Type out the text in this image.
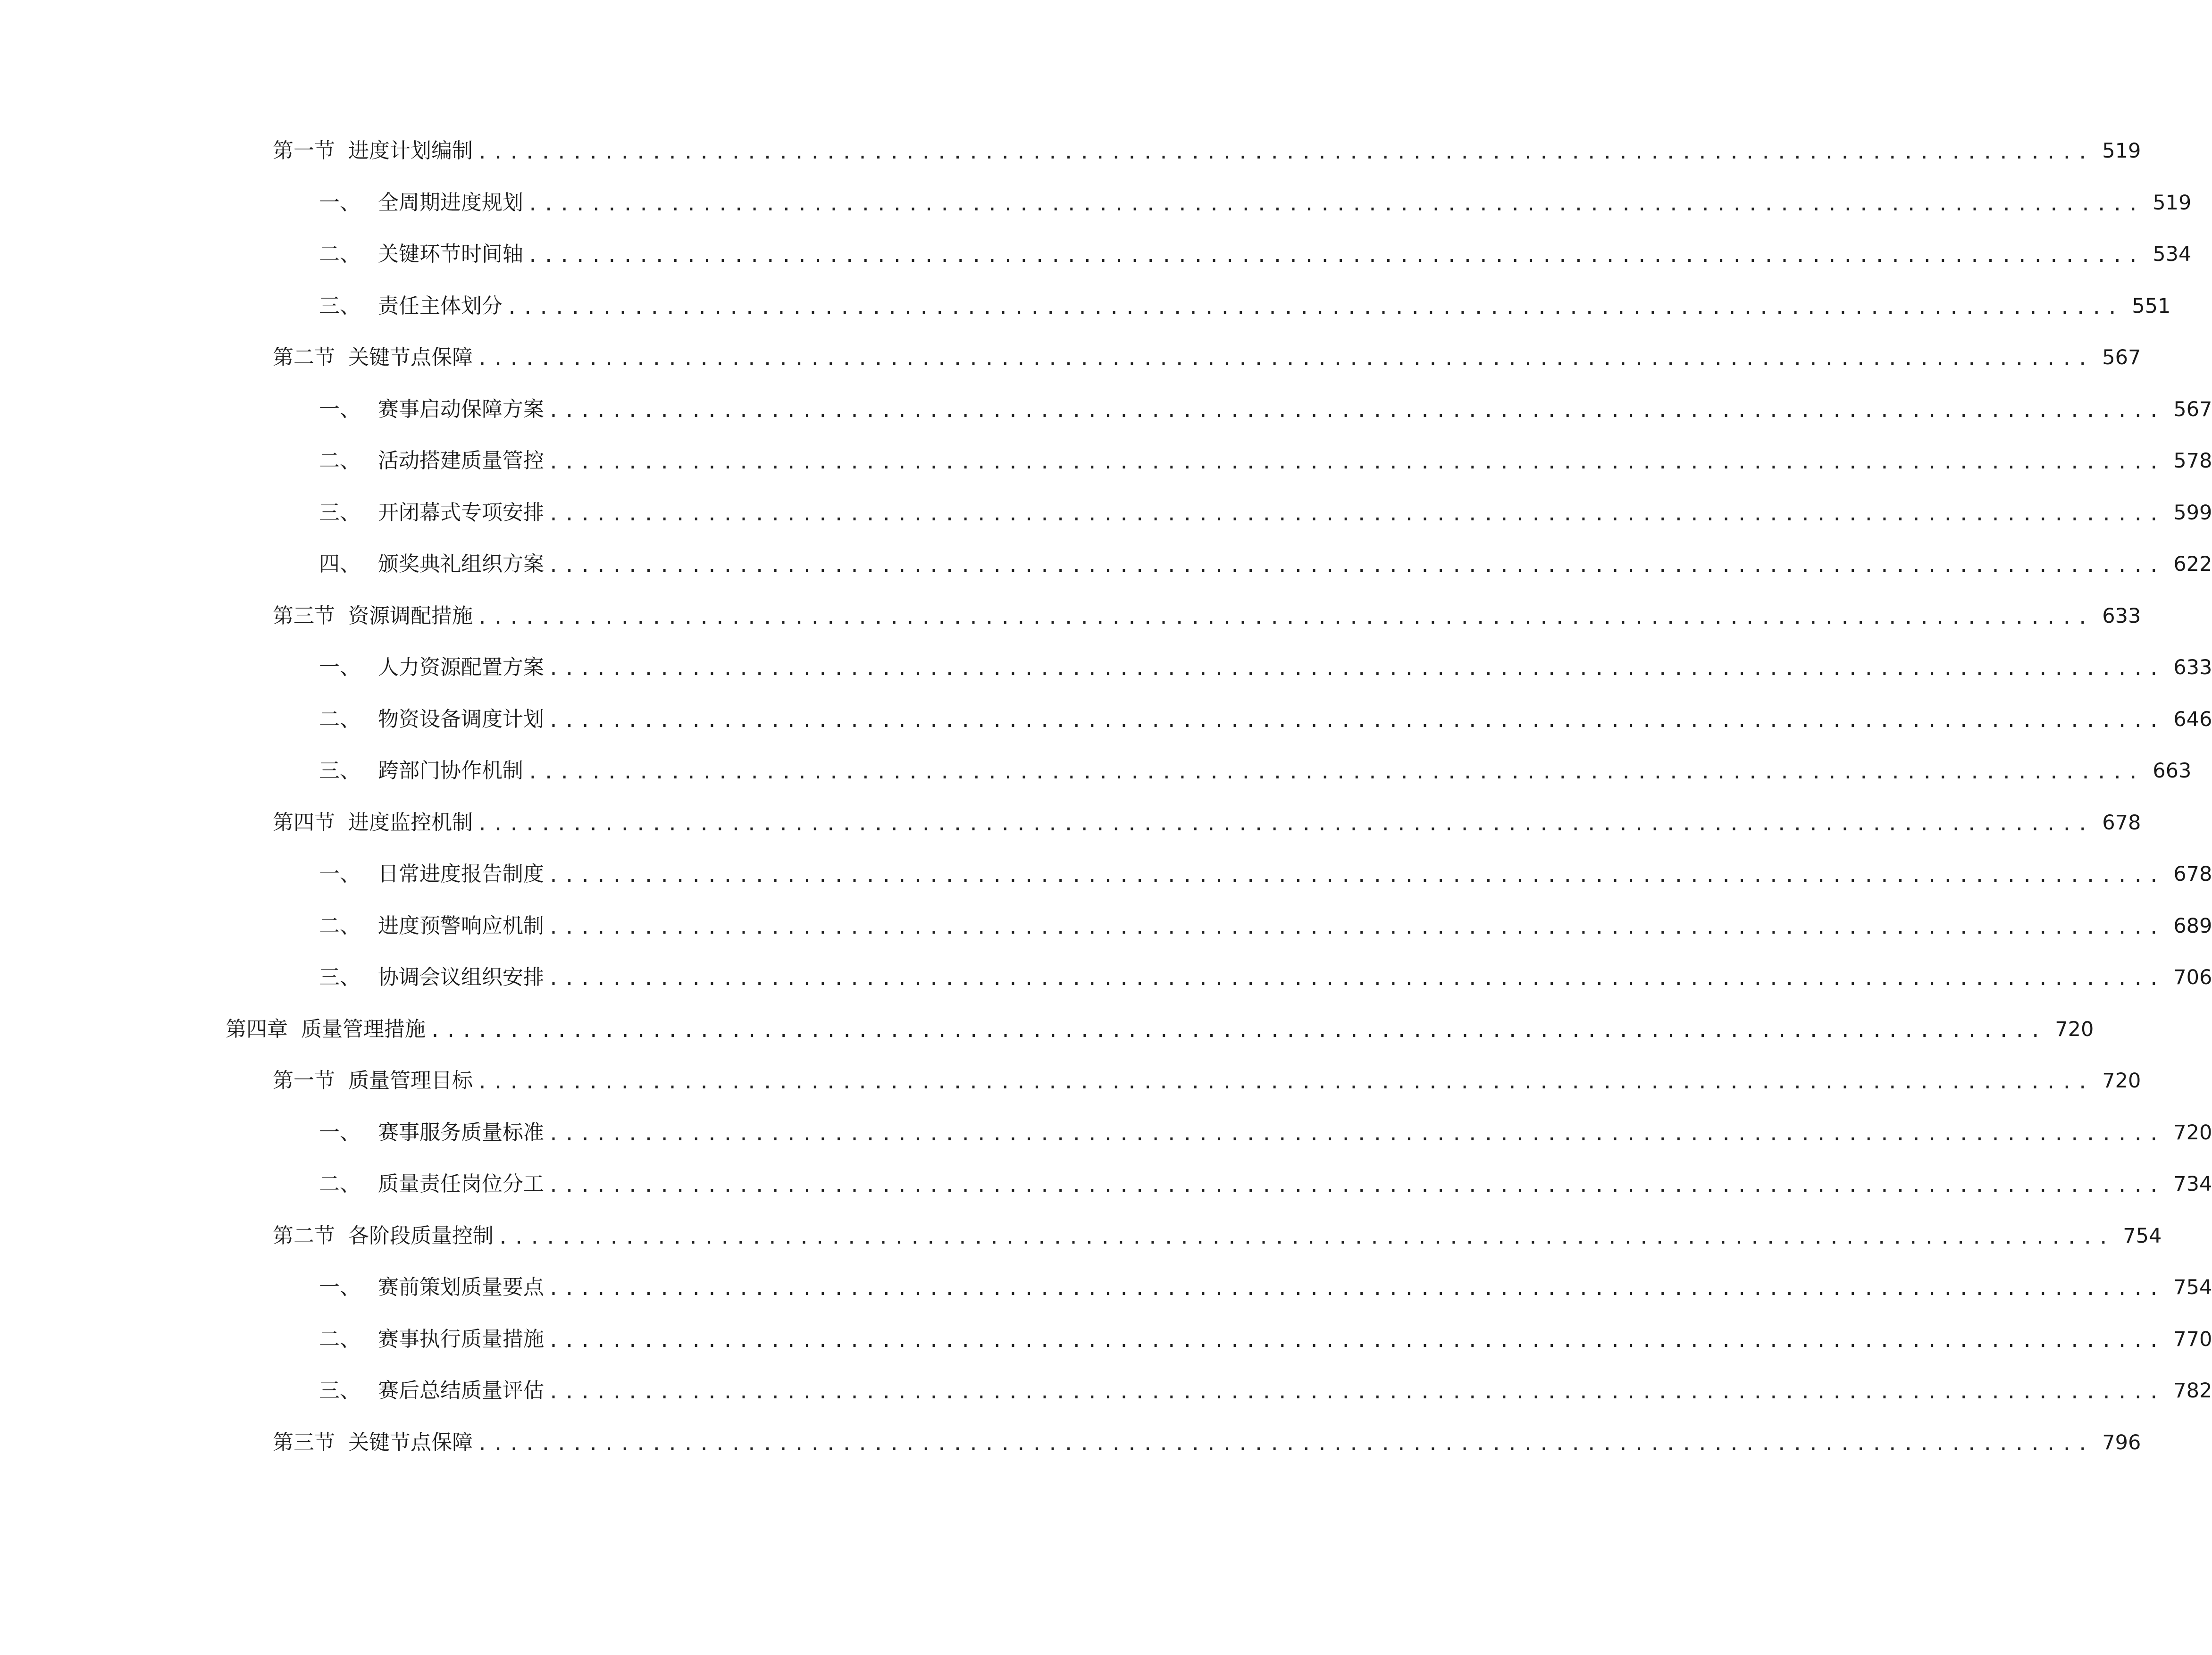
第一节 进度计划编制 ...................................................................................................... 519
一、 全周期进度规划 ...................................................................................................... 519
二、 关键环节时间轴 ...................................................................................................... 534
三、 责任主体划分 ...................................................................................................... 551
第二节 关键节点保障 ...................................................................................................... 567
一、 赛事启动保障方案 ...................................................................................................... 567
二、 活动搭建质量管控 ...................................................................................................... 578
三、 开闭幕式专项安排 ...................................................................................................... 599
四、 颁奖典礼组织方案 ...................................................................................................... 622
第三节 资源调配措施 ...................................................................................................... 633
一、 人力资源配置方案 ...................................................................................................... 633
二、 物资设备调度计划 ...................................................................................................... 646
三、 跨部门协作机制 ...................................................................................................... 663
第四节 进度监控机制 ...................................................................................................... 678
一、 日常进度报告制度 ...................................................................................................... 678
二、 进度预警响应机制 ...................................................................................................... 689
三、 协调会议组织安排 ...................................................................................................... 706
第四章 质量管理措施 ...................................................................................................... 720
第一节 质量管理目标 ...................................................................................................... 720
一、 赛事服务质量标准 ...................................................................................................... 720
二、 质量责任岗位分工 ...................................................................................................... 734
第二节 各阶段质量控制 ...................................................................................................... 754
一、 赛前策划质量要点 ...................................................................................................... 754
二、 赛事执行质量措施 ...................................................................................................... 770
三、 赛后总结质量评估 ...................................................................................................... 782
第三节 关键节点保障 ...................................................................................................... 796
